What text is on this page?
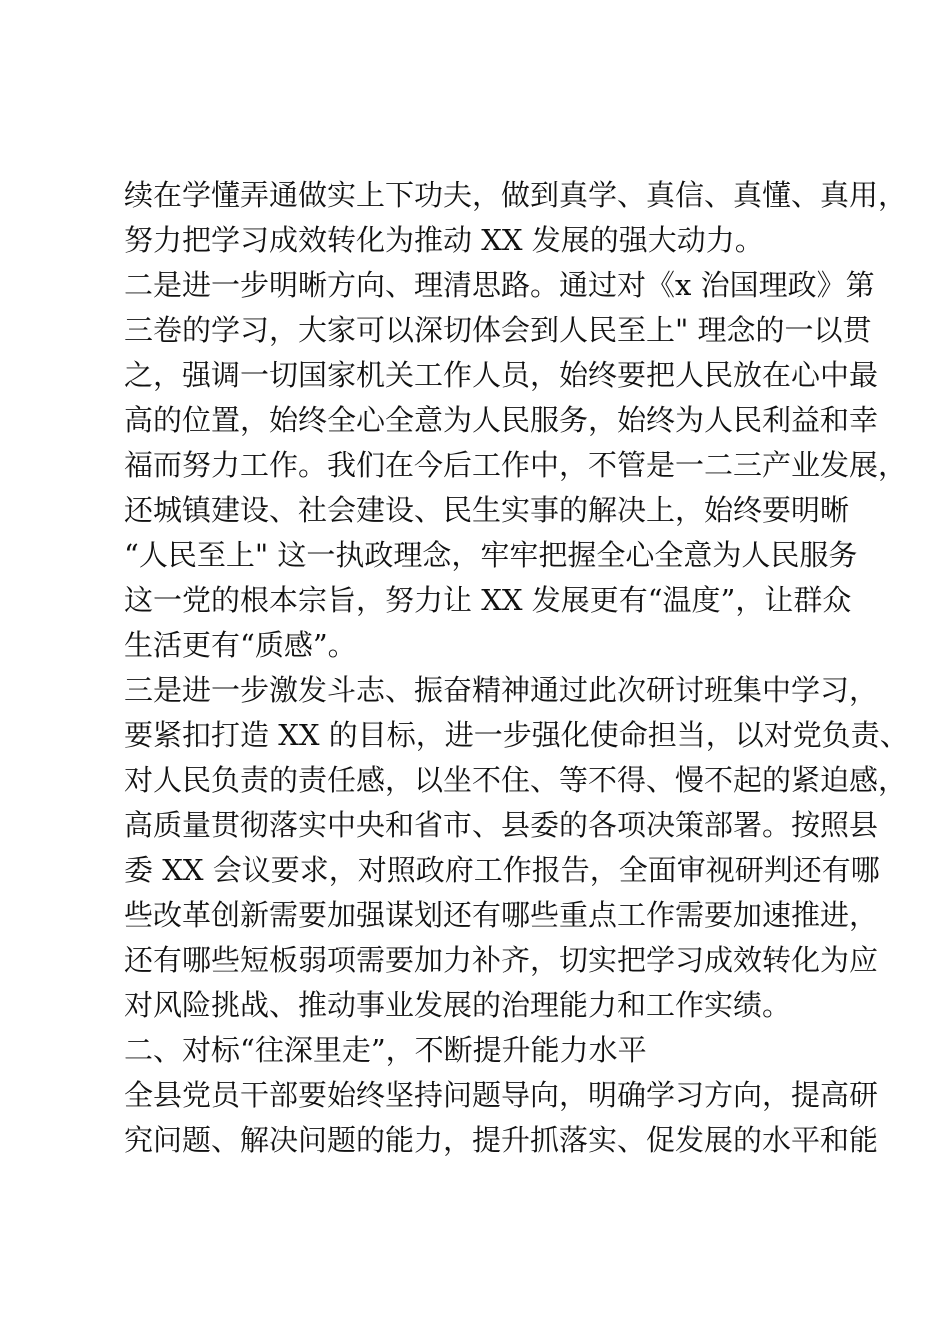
续在学懂弄通做实上下功夫，做到真学、真信、真懂、真用，
努力把学习成效转化为推动 XX 发展的强大动力。
二是进一步明晰方向、理清思路。通过对《x 治国理政》第
三卷的学习，大家可以深切体会到人民至上" 理念的一以贯
之，强调一切国家机关工作人员，始终要把人民放在心中最
高的位置，始终全心全意为人民服务，始终为人民利益和幸
福而努力工作。我们在今后工作中，不管是一二三产业发展，
还城镇建设、社会建设、民生实事的解决上，始终要明晰
“人民至上" 这一执政理念，牢牢把握全心全意为人民服务
这一党的根本宗旨，努力让 XX 发展更有“温度”，让群众
生活更有“质感”。
三是进一步激发斗志、振奋精神通过此次研讨班集中学习，
要紧扣打造 XX 的目标，进一步强化使命担当，以对党负责、
对人民负责的责任感，以坐不住、等不得、慢不起的紧迫感，
高质量贯彻落实中央和省市、县委的各项决策部署。按照县
委 XX 会议要求，对照政府工作报告，全面审视研判还有哪
些改革创新需要加强谋划还有哪些重点工作需要加速推进，
还有哪些短板弱项需要加力补齐，切实把学习成效转化为应
对风险挑战、推动事业发展的治理能力和工作实绩。
二、对标“往深里走”，不断提升能力水平
全县党员干部要始终坚持问题导向，明确学习方向，提高研
究问题、解决问题的能力，提升抓落实、促发展的水平和能
